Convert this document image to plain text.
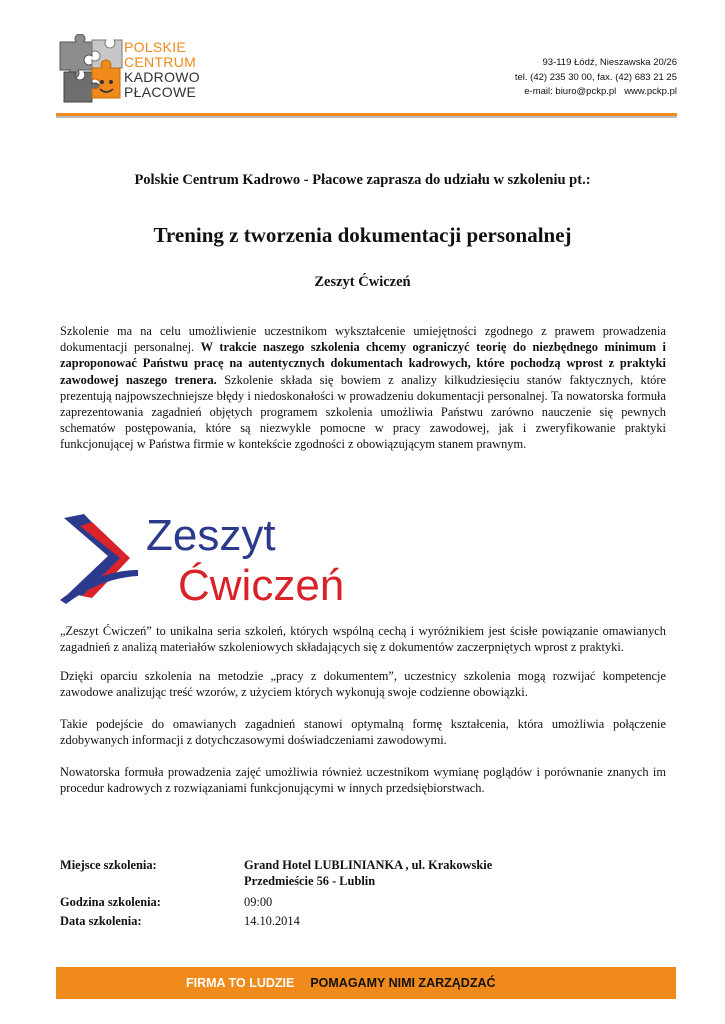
POLSKIE
CENTRUM
KADROWO
PŁACOWE
93-119 Łódź, Nieszawska 20/26
tel. (42) 235 30 00, fax. (42) 683 21 25
e-mail: biuro@pckp.pl   www.pckp.pl
Polskie Centrum Kadrowo - Płacowe zaprasza do udziału w szkoleniu pt.:
Trening z tworzenia dokumentacji personalnej
Zeszyt Ćwiczeń

Szkolenie ma na celu umożliwienie uczestnikom wykształcenie umiejętności zgodnego z prawem prowadzenia dokumentacji personalnej. W trakcie naszego szkolenia chcemy ograniczyć teorię do niezbędnego minimum i zaproponować Państwu pracę na autentycznych dokumentach kadrowych, które pochodzą wprost z praktyki zawodowej naszego trenera. Szkolenie składa się bowiem z analizy kilkudziesięciu stanów faktycznych, które prezentują najpowszechniejsze błędy i niedoskonałości w prowadzeniu dokumentacji personalnej. Ta nowatorska formuła zaprezentowania zagadnień objętych programem szkolenia umożliwia Państwu zarówno nauczenie się pewnych schematów postępowania, które są niezwykle pomocne w pracy zawodowej, jak i zweryfikowanie praktyki funkcjonującej w Państwa firmie w kontekście zgodności z obowiązującym stanem prawnym.

Zeszyt
Ćwiczeń

„Zeszyt Ćwiczeń” to unikalna seria szkoleń, których wspólną cechą i wyróżnikiem jest ścisłe powiązanie omawianych zagadnień z analizą materiałów szkoleniowych składających się z dokumentów zaczerpniętych wprost z praktyki.

Dzięki oparciu szkolenia na metodzie „pracy z dokumentem”, uczestnicy szkolenia mogą rozwijać kompetencje zawodowe analizując treść wzorów, z użyciem których wykonują swoje codzienne obowiązki.

Takie podejście do omawianych zagadnień stanowi optymalną formę kształcenia, która umożliwia połączenie zdobywanych informacji z dotychczasowymi doświadczeniami zawodowymi.

Nowatorska formuła prowadzenia zajęć umożliwia również uczestnikom wymianę poglądów i porównanie znanych im procedur kadrowych z rozwiązaniami funkcjonującymi w innych przedsiębiorstwach.

Miejsce szkolenia:	Grand Hotel LUBLINIANKA , ul. Krakowskie
Przedmieście 56 - Lublin
Godzina szkolenia:	09:00
Data szkolenia:	14.10.2014
FIRMA TO LUDZIE POMAGAMY NIMI ZARZĄDZAĆ
